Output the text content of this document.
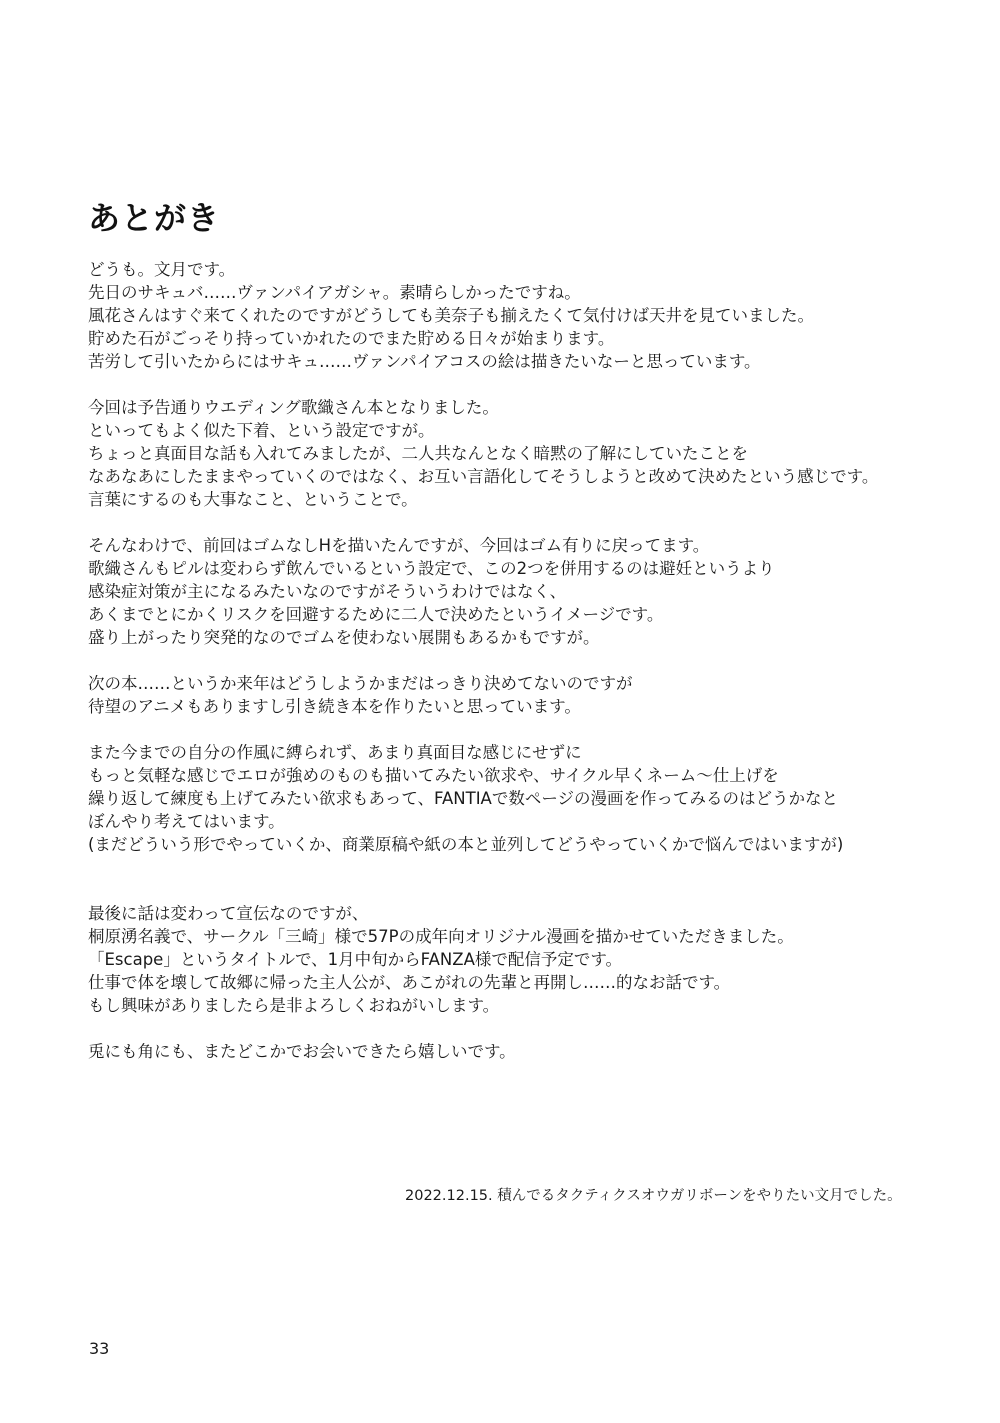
あとがき

どうも。文月です。
先日のサキュバ……ヴァンパイアガシャ。素晴らしかったですね。
風花さんはすぐ来てくれたのですがどうしても美奈子も揃えたくて気付けば天井を見ていました。
貯めた石がごっそり持っていかれたのでまた貯める日々が始まります。
苦労して引いたからにはサキュ……ヴァンパイアコスの絵は描きたいなーと思っています。

今回は予告通りウエディング歌織さん本となりました。
といってもよく似た下着、という設定ですが。
ちょっと真面目な話も入れてみましたが、二人共なんとなく暗黙の了解にしていたことを
なあなあにしたままやっていくのではなく、お互い言語化してそうしようと改めて決めたという感じです。
言葉にするのも大事なこと、ということで。

そんなわけで、前回はゴムなしHを描いたんですが、今回はゴム有りに戻ってます。
歌織さんもピルは変わらず飲んでいるという設定で、この2つを併用するのは避妊というより
感染症対策が主になるみたいなのですがそういうわけではなく、
あくまでとにかくリスクを回避するために二人で決めたというイメージです。
盛り上がったり突発的なのでゴムを使わない展開もあるかもですが。

次の本……というか来年はどうしようかまだはっきり決めてないのですが
待望のアニメもありますし引き続き本を作りたいと思っています。

また今までの自分の作風に縛られず、あまり真面目な感じにせずに
もっと気軽な感じでエロが強めのものも描いてみたい欲求や、サイクル早くネーム〜仕上げを
繰り返して練度も上げてみたい欲求もあって、FANTIAで数ページの漫画を作ってみるのはどうかなと
ぼんやり考えてはいます。
(まだどういう形でやっていくか、商業原稿や紙の本と並列してどうやっていくかで悩んではいますが)

最後に話は変わって宣伝なのですが、
桐原湧名義で、サークル「三崎」様で57Pの成年向オリジナル漫画を描かせていただきました。
「Escape」というタイトルで、1月中旬からFANZA様で配信予定です。
仕事で体を壊して故郷に帰った主人公が、あこがれの先輩と再開し……的なお話です。
もし興味がありましたら是非よろしくおねがいします。

兎にも角にも、またどこかでお会いできたら嬉しいです。

2022.12.15. 積んでるタクティクスオウガリボーンをやりたい文月でした。
33
